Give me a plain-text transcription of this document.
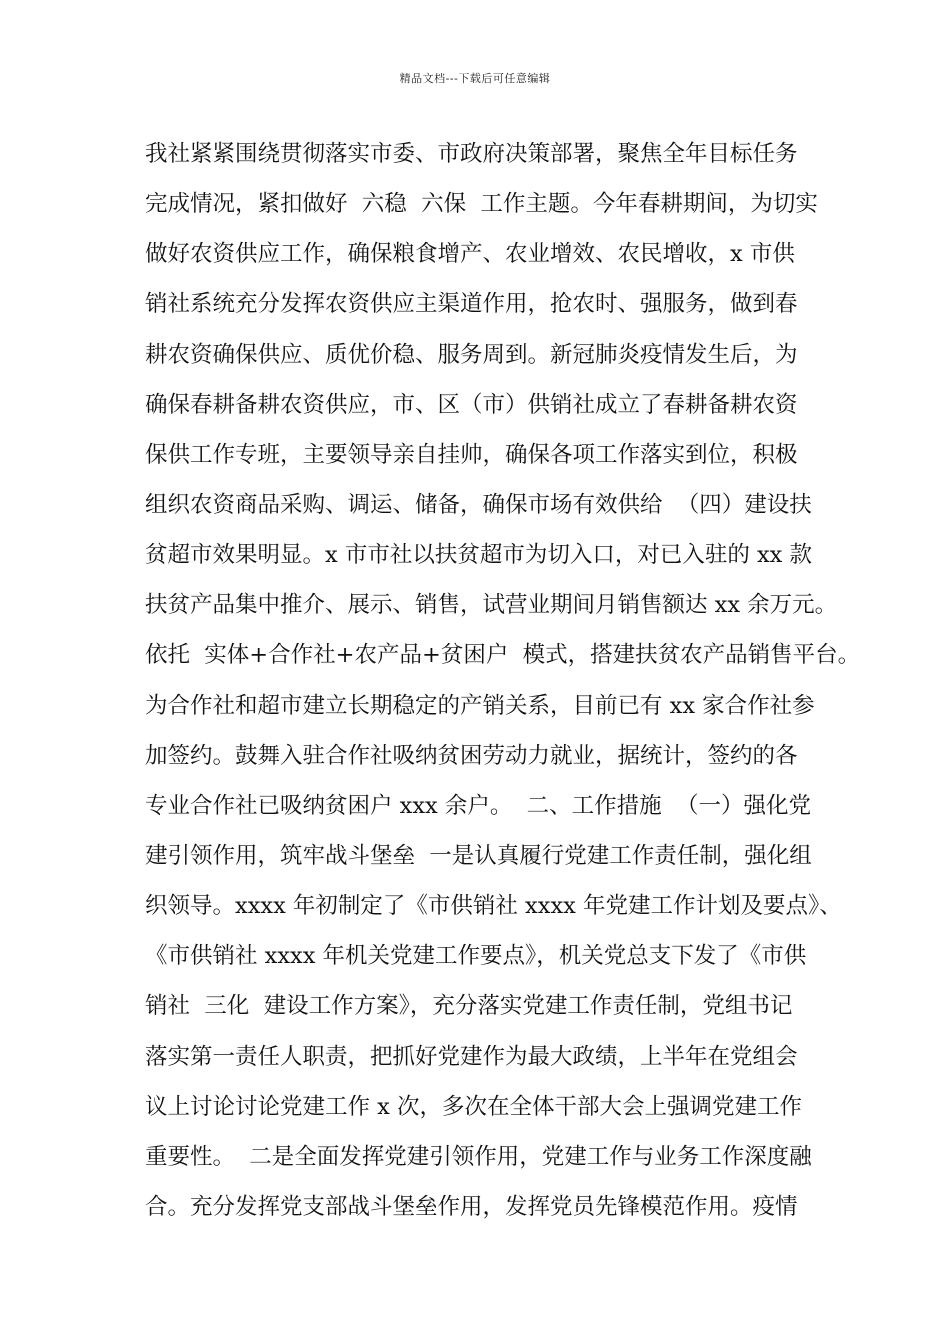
精品文档---下载后可任意编辑
我社紧紧围绕贯彻落实市委、市政府决策部署，聚焦全年目标任务
完成情况，紧扣做好  六稳  六保  工作主题。今年春耕期间，为切实
做好农资供应工作，确保粮食增产、农业增效、农民增收，x 市供
销社系统充分发挥农资供应主渠道作用，抢农时、强服务，做到春
耕农资确保供应、质优价稳、服务周到。新冠肺炎疫情发生后，为
确保春耕备耕农资供应，市、区（市）供销社成立了春耕备耕农资
保供工作专班，主要领导亲自挂帅，确保各项工作落实到位，积极
组织农资商品采购、调运、储备，确保市场有效供给  （四）建设扶
贫超市效果明显。x 市市社以扶贫超市为切入口，对已入驻的 xx 款
扶贫产品集中推介、展示、销售，试营业期间月销售额达 xx 余万元。
依托  实体+合作社+农产品+贫困户  模式，搭建扶贫农产品销售平台。
为合作社和超市建立长期稳定的产销关系，目前已有 xx 家合作社参
加签约。鼓舞入驻合作社吸纳贫困劳动力就业，据统计，签约的各
专业合作社已吸纳贫困户 xxx 余户。  二、工作措施  （一）强化党
建引领作用，筑牢战斗堡垒  一是认真履行党建工作责任制，强化组
织领导。xxxx 年初制定了《市供销社 xxxx 年党建工作计划及要点》、
《市供销社 xxxx 年机关党建工作要点》，机关党总支下发了《市供
销社  三化  建设工作方案》，充分落实党建工作责任制，党组书记
落实第一责任人职责，把抓好党建作为最大政绩，上半年在党组会
议上讨论讨论党建工作 x 次，多次在全体干部大会上强调党建工作
重要性。  二是全面发挥党建引领作用，党建工作与业务工作深度融
合。充分发挥党支部战斗堡垒作用，发挥党员先锋模范作用。疫情
